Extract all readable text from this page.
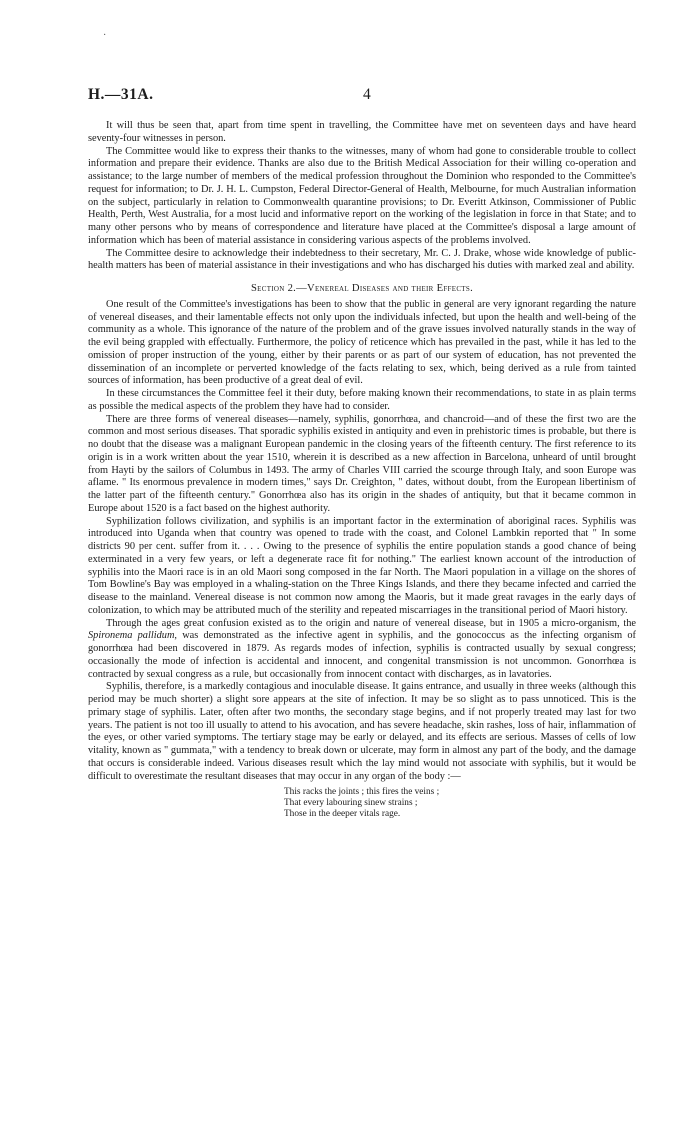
·
H.—31A.	4

It will thus be seen that, apart from time spent in travelling, the Committee have met on seventeen days and have heard seventy-four witnesses in person.

The Committee would like to express their thanks to the witnesses, many of whom had gone to considerable trouble to collect information and prepare their evidence. Thanks are also due to the British Medical Association for their willing co-operation and assistance; to the large number of members of the medical profession throughout the Dominion who responded to the Committee's request for information; to Dr. J. H. L. Cumpston, Federal Director-General of Health, Melbourne, for much Australian information on the subject, particularly in relation to Commonwealth quarantine provisions; to Dr. Everitt Atkinson, Commissioner of Public Health, Perth, West Australia, for a most lucid and informative report on the working of the legislation in force in that State; and to many other persons who by means of correspondence and literature have placed at the Committee's disposal a large amount of information which has been of material assistance in considering various aspects of the problems involved.

The Committee desire to acknowledge their indebtedness to their secretary, Mr. C. J. Drake, whose wide knowledge of public-health matters has been of material assistance in their investigations and who has discharged his duties with marked zeal and ability.

Section 2.—Venereal Diseases and their Effects.

One result of the Committee's investigations has been to show that the public in general are very ignorant regarding the nature of venereal diseases, and their lamentable effects not only upon the individuals infected, but upon the health and well-being of the community as a whole. This ignorance of the nature of the problem and of the grave issues involved naturally stands in the way of the evil being grappled with effectually. Furthermore, the policy of reticence which has prevailed in the past, while it has led to the omission of proper instruction of the young, either by their parents or as part of our system of education, has not prevented the dissemination of an incomplete or perverted knowledge of the facts relating to sex, which, being derived as a rule from tainted sources of information, has been productive of a great deal of evil.

In these circumstances the Committee feel it their duty, before making known their recommendations, to state in as plain terms as possible the medical aspects of the problem they have had to consider.

There are three forms of venereal diseases—namely, syphilis, gonorrhœa, and chancroid—and of these the first two are the common and most serious diseases. That sporadic syphilis existed in antiquity and even in prehistoric times is probable, but there is no doubt that the disease was a malignant European pandemic in the closing years of the fifteenth century. The first reference to its origin is in a work written about the year 1510, wherein it is described as a new affection in Barcelona, unheard of until brought from Hayti by the sailors of Columbus in 1493. The army of Charles VIII carried the scourge through Italy, and soon Europe was aflame. " Its enormous prevalence in modern times," says Dr. Creighton, " dates, without doubt, from the European libertinism of the latter part of the fifteenth century." Gonorrhœa also has its origin in the shades of antiquity, but that it became common in Europe about 1520 is a fact based on the highest authority.

Syphilization follows civilization, and syphilis is an important factor in the extermination of aboriginal races. Syphilis was introduced into Uganda when that country was opened to trade with the coast, and Colonel Lambkin reported that " In some districts 90 per cent. suffer from it. . . . Owing to the presence of syphilis the entire population stands a good chance of being exterminated in a very few years, or left a degenerate race fit for nothing." The earliest known account of the introduction of syphilis into the Maori race is in an old Maori song composed in the far North. The Maori population in a village on the shores of Tom Bowline's Bay was employed in a whaling-station on the Three Kings Islands, and there they became infected and carried the disease to the mainland. Venereal disease is not common now among the Maoris, but it made great ravages in the early days of colonization, to which may be attributed much of the sterility and repeated miscarriages in the transitional period of Maori history.

Through the ages great confusion existed as to the origin and nature of venereal disease, but in 1905 a micro-organism, the Spironema pallidum, was demonstrated as the infective agent in syphilis, and the gonococcus as the infecting organism of gonorrhœa had been discovered in 1879. As regards modes of infection, syphilis is contracted usually by sexual congress; occasionally the mode of infection is accidental and innocent, and congenital transmission is not uncommon. Gonorrhœa is contracted by sexual congress as a rule, but occasionally from innocent contact with discharges, as in lavatories.

Syphilis, therefore, is a markedly contagious and inoculable disease. It gains entrance, and usually in three weeks (although this period may be much shorter) a slight sore appears at the site of infection. It may be so slight as to pass unnoticed. This is the primary stage of syphilis. Later, often after two months, the secondary stage begins, and if not properly treated may last for two years. The patient is not too ill usually to attend to his avocation, and has severe headache, skin rashes, loss of hair, inflammation of the eyes, or other varied symptoms. The tertiary stage may be early or delayed, and its effects are serious. Masses of cells of low vitality, known as " gummata," with a tendency to break down or ulcerate, may form in almost any part of the body, and the damage that occurs is considerable indeed. Various diseases result which the lay mind would not associate with syphilis, but it would be difficult to overestimate the resultant diseases that may occur in any organ of the body :—

This racks the joints ; this fires the veins ;
That every labouring sinew strains ;
Those in the deeper vitals rage.
